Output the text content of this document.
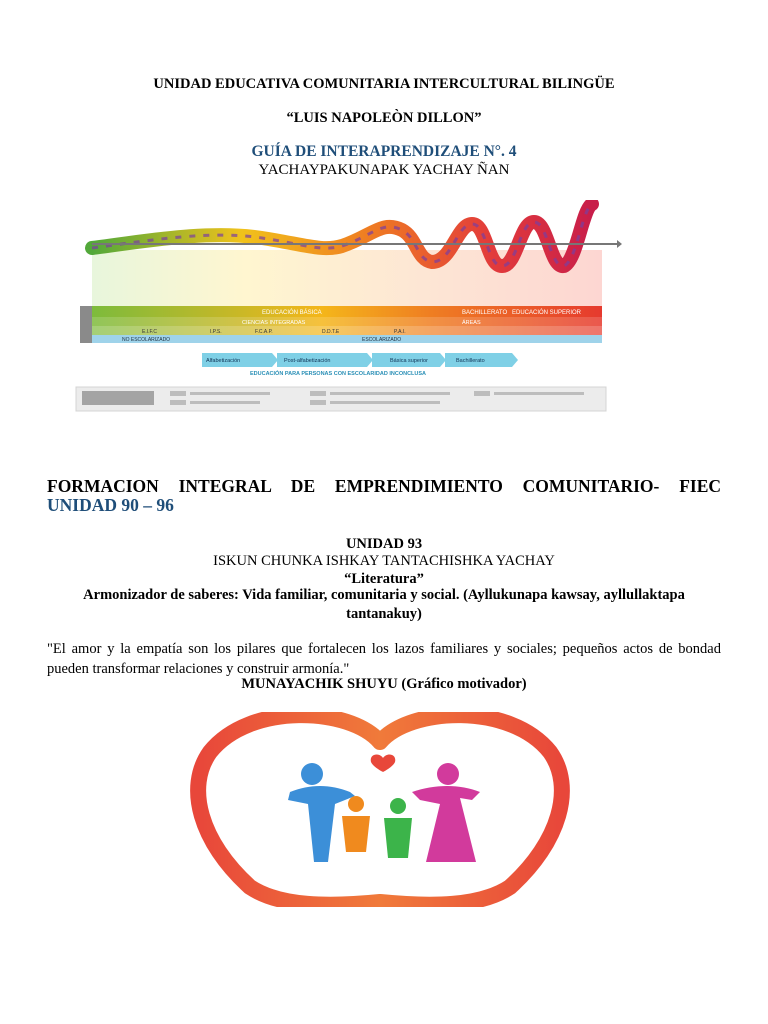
UNIDAD EDUCATIVA COMUNITARIA INTERCULTURAL BILINGÜE
“LUIS NAPOLEÒN DILLON”
GUÍA DE INTERAPRENDIZAJE N°. 4
YACHAYPAKUNAPAK YACHAY ÑAN
EDUCACIÓN BÁSICA	BACHILLERATO EDUCACIÓN SUPERIOR
CIENCIAS INTEGRADAS	ÁREAS
E.I.F.C	I.P.S.	F.C.A.P.	D.D.T.E	P.A.I.
NO ESCOLARIZADO	ESCOLARIZADO
Alfabetización	Post-alfabetización	Básica superior	Bachillerato
EDUCACIÓN PARA PERSONAS CON ESCOLARIDAD INCONCLUSA
FORMACION INTEGRAL DE EMPRENDIMIENTO COMUNITARIO- FIEC
UNIDAD 90 – 96
UNIDAD 93
ISKUN CHUNKA ISHKAY TANTACHISHKA YACHAY
“Literatura”
Armonizador de saberes: Vida familiar, comunitaria y social. (Ayllukunapa kawsay, ayllullaktapa tantanakuy)
"El amor y la empatía son los pilares que fortalecen los lazos familiares y sociales; pequeños actos de bondad pueden transformar relaciones y construir armonía."
MUNAYACHIK SHUYU (Gráfico motivador)
